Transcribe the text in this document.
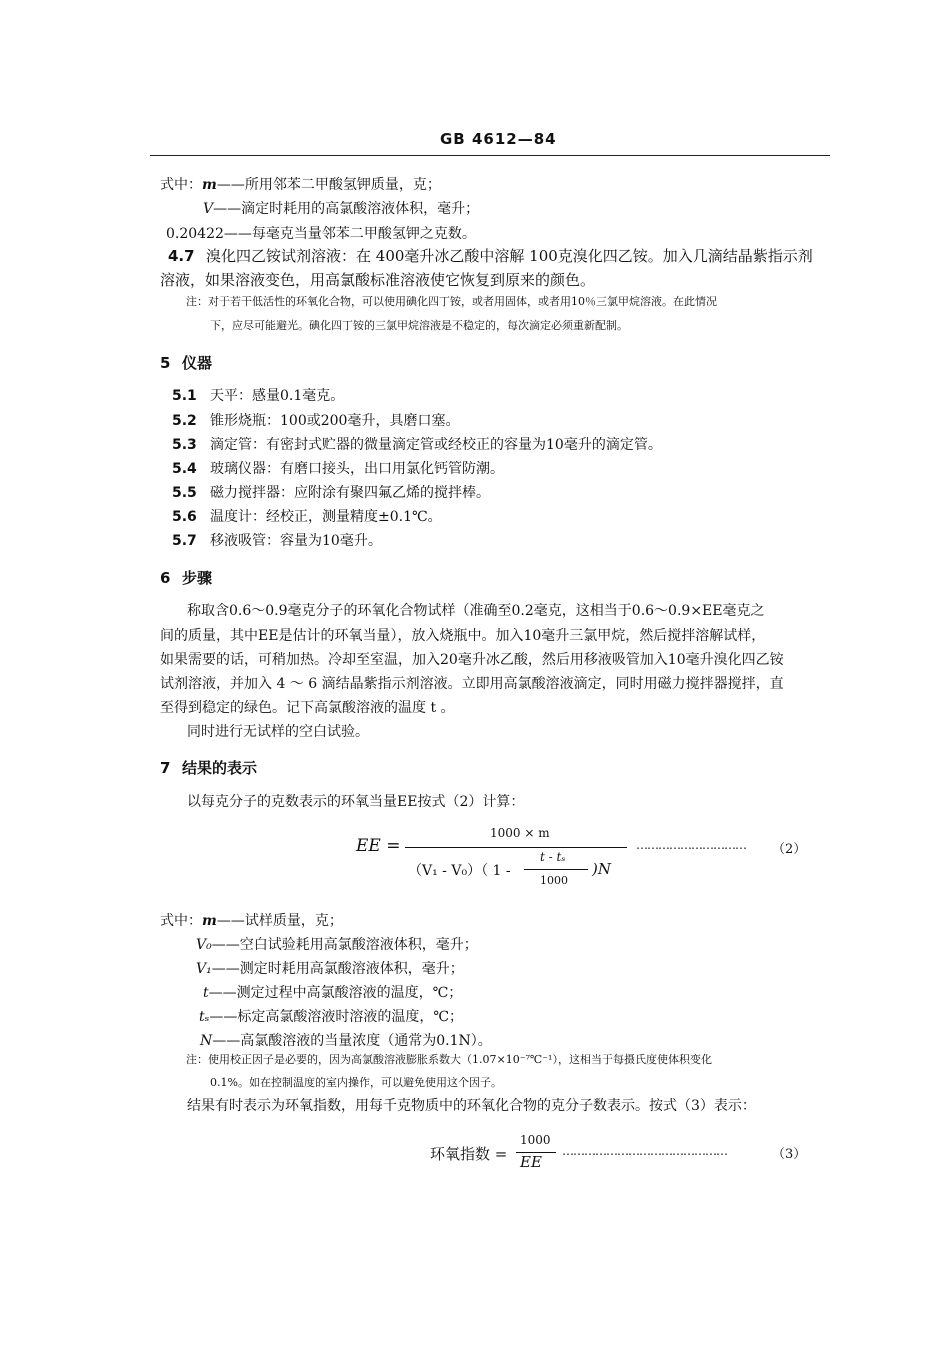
GB 4612—84
式中：m——所用邻苯二甲酸氢钾质量，克；
V——滴定时耗用的高氯酸溶液体积，毫升；
0.20422——每毫克当量邻苯二甲酸氢钾之克数。
4.7 溴化四乙铵试剂溶液：在 400毫升冰乙酸中溶解 100克溴化四乙铵。加入几滴结晶紫指示剂
溶液，如果溶液变色，用高氯酸标准溶液使它恢复到原来的颜色。
注：对于若干低活性的环氧化合物，可以使用碘化四丁铵，或者用固体，或者用10％三氯甲烷溶液。在此情况
下，应尽可能避光。碘化四丁铵的三氯甲烷溶液是不稳定的，每次滴定必须重新配制。
5 仪器
5.1 天平：感量0.1毫克。
5.2 锥形烧瓶：100或200毫升，具磨口塞。
5.3 滴定管：有密封式贮器的微量滴定管或经校正的容量为10毫升的滴定管。
5.4 玻璃仪器：有磨口接头，出口用氯化钙管防潮。
5.5 磁力搅拌器：应附涂有聚四氟乙烯的搅拌棒。
5.6 温度计：经校正，测量精度±0.1℃。
5.7 移液吸管：容量为10毫升。
6 步骤
称取含0.6～0.9毫克分子的环氧化合物试样（准确至0.2毫克，这相当于0.6～0.9×EE毫克之
间的质量，其中EE是估计的环氧当量），放入烧瓶中。加入10毫升三氯甲烷，然后搅拌溶解试样，
如果需要的话，可稍加热。冷却至室温，加入20毫升冰乙酸，然后用移液吸管加入10毫升溴化四乙铵
试剂溶液，并加入 4 ～ 6 滴结晶紫指示剂溶液。立即用高氯酸溶液滴定，同时用磁力搅拌器搅拌，直
至得到稳定的绿色。记下高氯酸溶液的温度 t 。
同时进行无试样的空白试验。
7 结果的表示
以每克分子的克数表示的环氧当量EE按式（2）计算：
EE =
1000 × m
（V₁ - V₀）（ 1 -
t - tₛ
1000
)N
………………………… （2）
式中：m——试样质量，克；
V₀——空白试验耗用高氯酸溶液体积，毫升；
V₁——测定时耗用高氯酸溶液体积，毫升；
t——测定过程中高氯酸溶液的温度，℃；
tₛ——标定高氯酸溶液时溶液的温度，℃；
N——高氯酸溶液的当量浓度（通常为0.1N）。
注：使用校正因子是必要的，因为高氯酸溶液膨胀系数大（1.07×10⁻⁷℃⁻¹），这相当于每摄氏度使体积变化
0.1%。如在控制温度的室内操作，可以避免使用这个因子。
结果有时表示为环氧指数，用每千克物质中的环氧化合物的克分子数表示。按式（3）表示：
环氧指数 =
1000
EE
………………………………………	（3）
